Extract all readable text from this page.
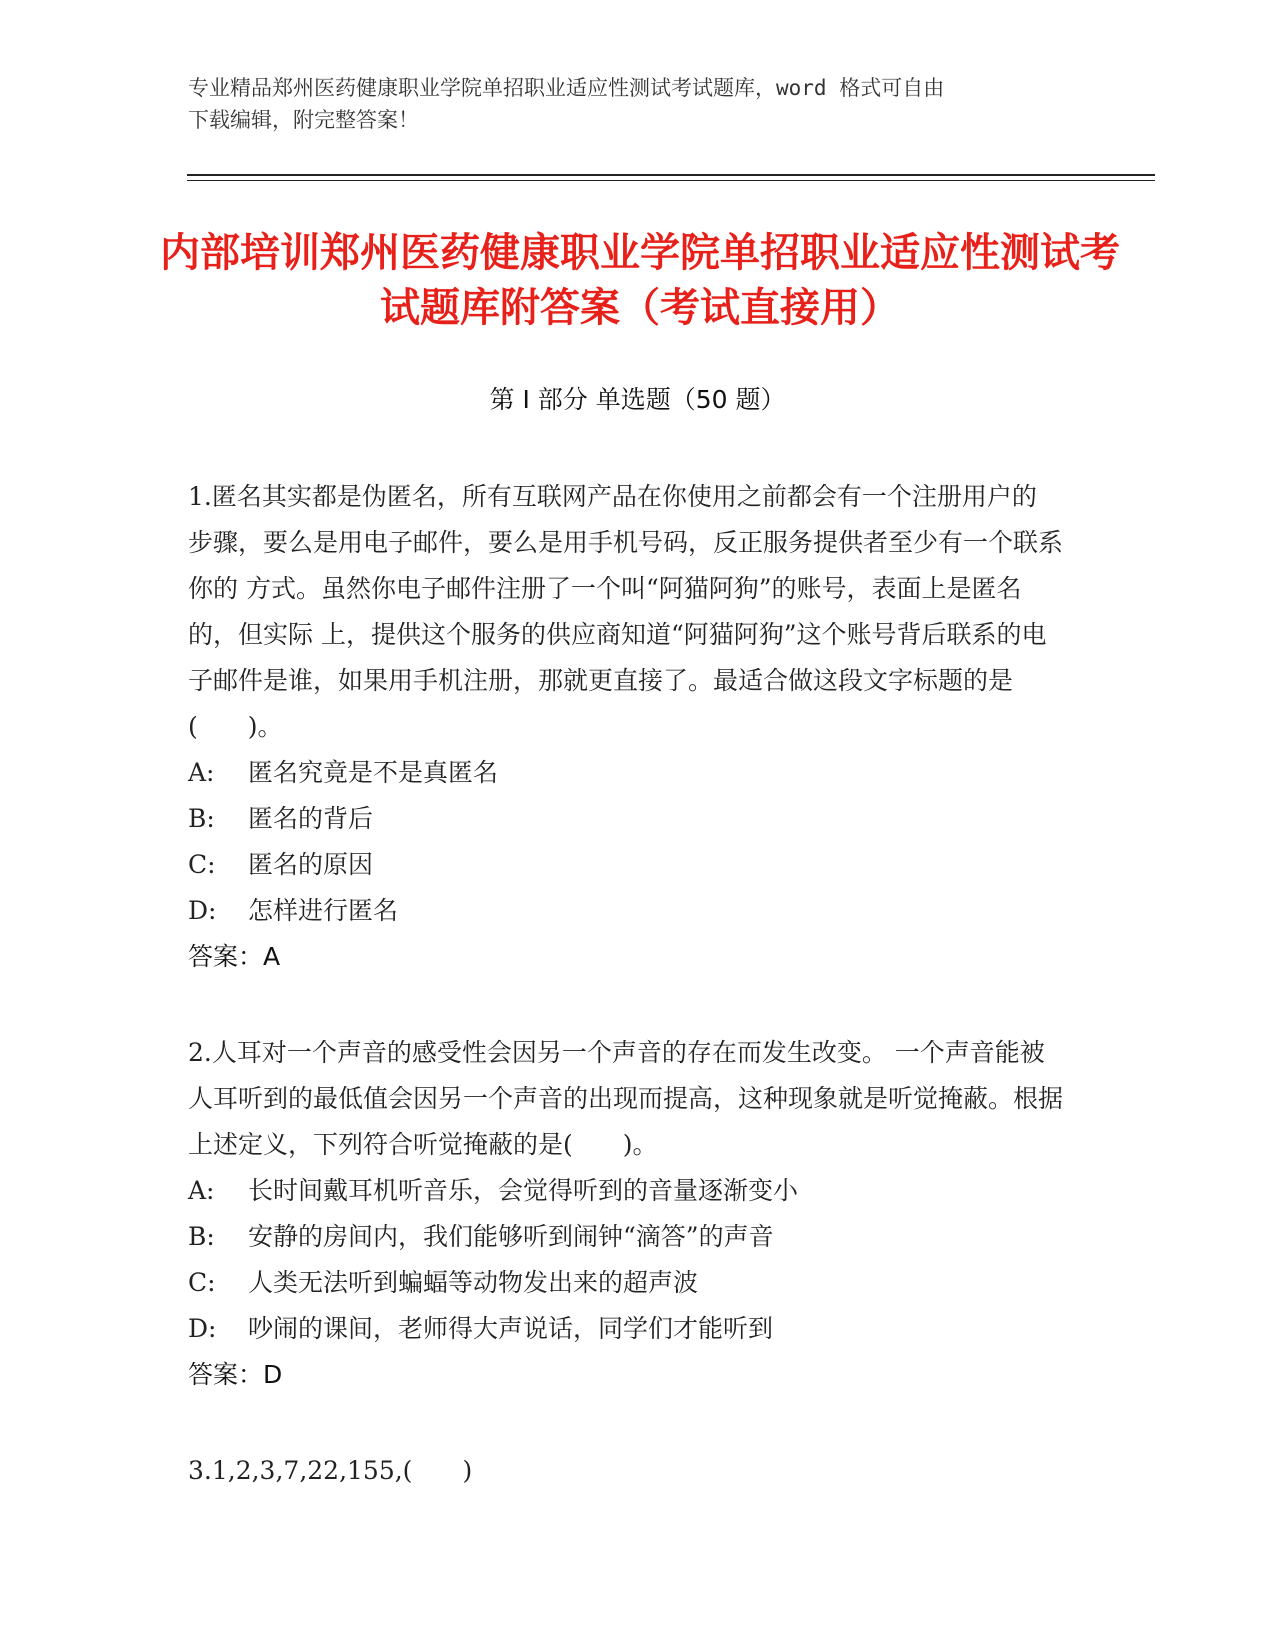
专业精品郑州医药健康职业学院单招职业适应性测试考试题库，word 格式可自由
下载编辑，附完整答案！
内部培训郑州医药健康职业学院单招职业适应性测试考试题库附答案（考试直接用）
第 I 部分 单选题（50 题）
1.匿名其实都是伪匿名，所有互联网产品在你使用之前都会有一个注册用户的 步骤，要么是用电子邮件，要么是用手机号码，反正服务提供者至少有一个联系你的 方式。虽然你电子邮件注册了一个叫“阿猫阿狗”的账号，表面上是匿名的，但实际 上，提供这个服务的供应商知道“阿猫阿狗”这个账号背后联系的电子邮件是谁，如果用手机注册，那就更直接了。最适合做这段文字标题的是(　　)。
A:	匿名究竟是不是真匿名
B:	匿名的背后
C:	匿名的原因
D:	怎样进行匿名
答案：A
2.人耳对一个声音的感受性会因另一个声音的存在而发生改变。 一个声音能被人耳听到的最低值会因另一个声音的出现而提高，这种现象就是听觉掩蔽。根据上述定义，下列符合听觉掩蔽的是(　　)。
A:	长时间戴耳机听音乐，会觉得听到的音量逐渐变小
B:	安静的房间内，我们能够听到闹钟“滴答”的声音
C:	人类无法听到蝙蝠等动物发出来的超声波
D:	吵闹的课间，老师得大声说话，同学们才能听到
答案：D
3.1,2,3,7,22,155,(　　)
